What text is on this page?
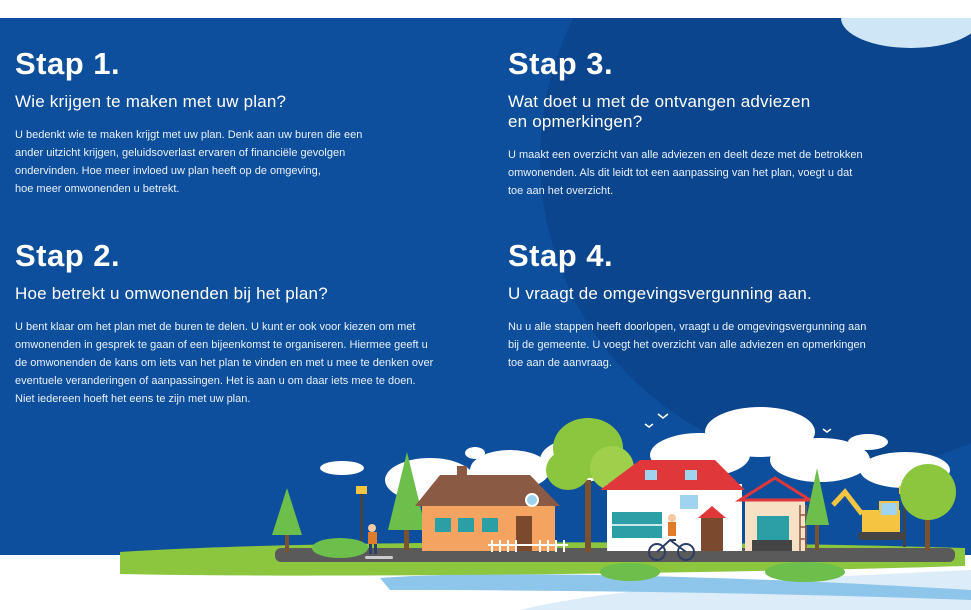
Stap 1.
Wie krijgen te maken met uw plan?

U bedenkt wie te maken krijgt met uw plan. Denk aan uw buren die een
ander uitzicht krijgen, geluidsoverlast ervaren of financiële gevolgen
ondervinden. Hoe meer invloed uw plan heeft op de omgeving,
hoe meer omwonenden u betrekt.

Stap 2.
Hoe betrekt u omwonenden bij het plan?

U bent klaar om het plan met de buren te delen. U kunt er ook voor kiezen om met
omwonenden in gesprek te gaan of een bijeenkomst te organiseren. Hiermee geeft u
de omwonenden de kans om iets van het plan te vinden en met u mee te denken over
eventuele veranderingen of aanpassingen. Het is aan u om daar iets mee te doen.
Niet iedereen hoeft het eens te zijn met uw plan.

Stap 3.
Wat doet u met de ontvangen adviezen
en opmerkingen?

U maakt een overzicht van alle adviezen en deelt deze met de betrokken
omwonenden. Als dit leidt tot een aanpassing van het plan, voegt u dat
toe aan het overzicht.

Stap 4.
U vraagt de omgevingsvergunning aan.

Nu u alle stappen heeft doorlopen, vraagt u de omgevingsvergunning aan
bij de gemeente. U voegt het overzicht van alle adviezen en opmerkingen
toe aan de aanvraag.
